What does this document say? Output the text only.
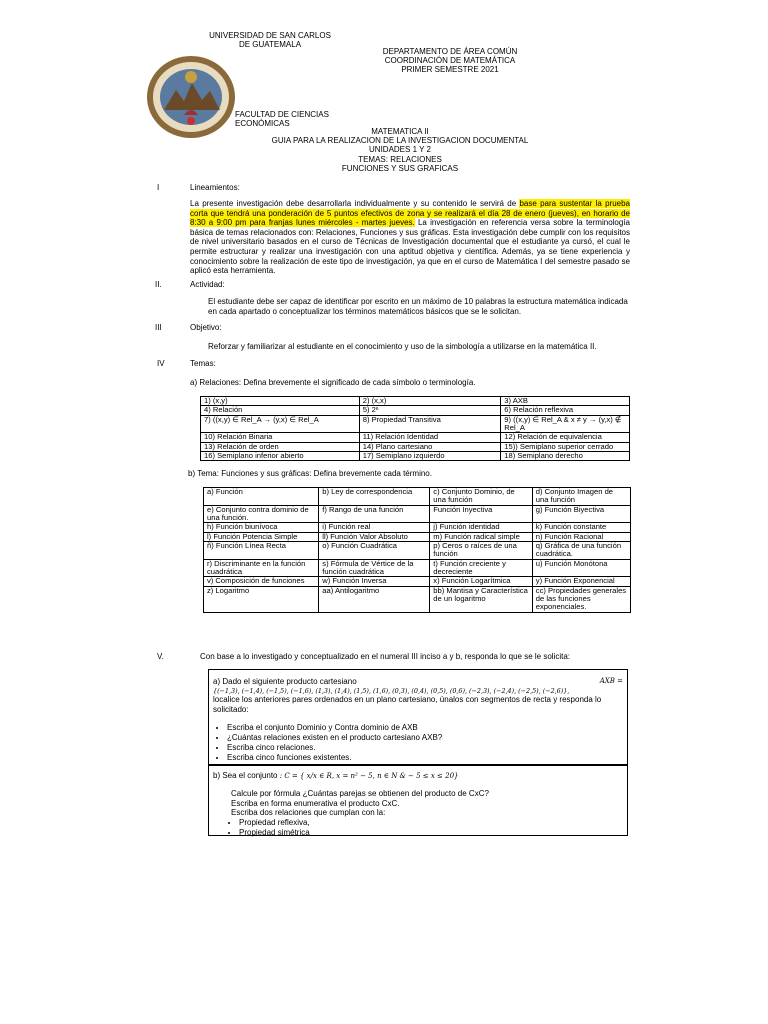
UNIVERSIDAD DE SAN CARLOS
DE GUATEMALA
DEPARTAMENTO DE ÁREA COMÚN
COORDINACIÓN DE MATEMÁTICA
PRIMER SEMESTRE 2021
FACULTAD DE CIENCIAS
ECONÓMICAS
MATEMATICA II
GUIA PARA LA REALIZACION DE LA INVESTIGACION DOCUMENTAL
UNIDADES 1 Y 2
TEMAS: RELACIONES
FUNCIONES Y SUS GRAFICAS
I	Lineamientos:
La presente investigación debe desarrollarla individualmente y su contenido le servirá de base para sustentar la prueba corta que tendrá una ponderación de 5 puntos efectivos de zona y se realizará el día 28 de enero (jueves), en horario de 8:30 a 9:00 pm para franjas lunes miércoles - martes jueves. La investigación en referencia versa sobre la terminología básica de temas relacionados con: Relaciones, Funciones y sus gráficas. Esta investigación debe cumplir con los requisitos de nivel universitario basados en el curso de Técnicas de Investigación documental que el estudiante ya cursó, el cual le permite estructurar y realizar una investigación con una aptitud objetiva y científica. Además, ya se tiene experiencia y conocimiento sobre la realización de este tipo de investigación, ya que en el curso de Matemática I del semestre pasado se aplicó esta herramienta.
II.	Actividad:
El estudiante debe ser capaz de identificar por escrito en un máximo de 10 palabras la estructura matemática indicada en cada apartado o conceptualizar los términos matemáticos básicos que se le solicitan.
III	Objetivo:
Reforzar y familiarizar al estudiante en el conocimiento y uso de la simbología a utilizarse en la matemática II.
IV	Temas:
a) Relaciones: Defina brevemente el significado de cada símbolo o terminología.
1) (x,y)	2) (x,x)	3) AXB
4) Relación	5) 2ⁿ	6) Relación reflexiva
7) ((x,y) ∈ Rel_A → (y,x) ∈ Rel_A	8) Propiedad Transitiva	9) ((x,y) ∈ Rel_A & x ≠ y → (y,x) ∉ Rel_A
10) Relación Binaria	11) Relación Identidad	12) Relación de equivalencia
13) Relación de orden	14) Plano cartesiano	15)) Semiplano superior cerrado
16) Semiplano inferior abierto	17) Semiplano izquierdo	18) Semiplano derecho
b) Tema: Funciones y sus gráficas: Defina brevemente cada término.
a) Función	b) Ley de correspondencia	c) Conjunto Dominio, de una función	d) Conjunto Imagen de una función
e) Conjunto contra dominio de una función.	f) Rango de una función	Función Inyectiva	g) Función Biyectiva
h) Función biunívoca	i) Función real	j) Función identidad	k) Función constante
l) Función Potencia Simple	ll) Función Valor Absoluto	m) Función radical simple	n) Función Racional
ñ) Función Línea Recta	o) Función Cuadrática	p) Ceros o raíces de una función	q) Gráfica de una función cuadrática.
r) Discriminante en la función cuadrática	s) Fórmula de Vértice de la función cuadrática	t) Función creciente y decreciente	u) Función Monótona
v) Composición de funciones	w) Función Inversa	x) Función Logarítmica	y) Función Exponencial
z) Logaritmo	aa) Antilogaritmo	bb) Mantisa y Característica de un logaritmo	cc) Propiedades generales de las funciones exponenciales.
V.	Con base a lo investigado y conceptualizado en el numeral III inciso a y b, responda lo que se le solicita:
a) Dado el siguiente producto cartesiano	AXB =
{(−1,3), (−1,4), (−1,5), (−1,6), (1,3), (1,4), (1,5), (1,6), (0,3), (0,4), (0,5), (0,6), (−2,3), (−2,4), (−2,5), (−2,6)},
localice los anteriores pares ordenados en un plano cartesiano, únalos con segmentos de recta y responda lo solicitado:
• Escriba el conjunto Dominio y Contra dominio de AXB
• ¿Cuántas relaciones existen en el producto cartesiano AXB?
• Escriba cinco relaciones.
• Escriba cinco funciones existentes.
b) Sea el conjunto : C = { x/x ∈ R, x = n² − 5, n ∈ N & − 5 ≤ x ≤ 20}
Calcule por fórmula ¿Cuántas parejas se obtienen del producto de CxC?
Escriba en forma enumerativa el producto CxC.
Escriba dos relaciones que cumplan con la:
• Propiedad reflexiva,
• Propiedad simétrica
